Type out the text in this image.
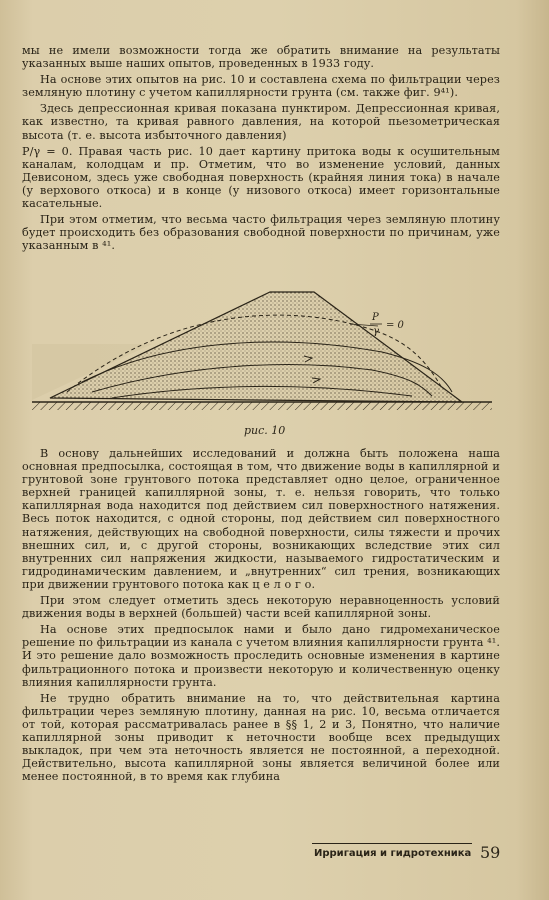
мы не имели возможности тогда же обратить внимание на результаты указанных выше наших опытов, проведенных в 1933 году.

На основе этих опытов на рис. 10 и составлена схема по фильтрации через земляную плотину с учетом капиллярности грунта (см. также фиг. 9⁴¹).

Здесь депрессионная кривая показана пунктиром. Депрессионная кривая, как известно, та кривая равного давления, на которой пьезометрическая высота (т. е. высота избыточного давления)

P/γ = 0. Правая часть рис. 10 дает картину притока воды к осушительным каналам, колодцам и пр. Отметим, что во изменение условий, данных Девисоном, здесь уже свободная поверхность (крайняя линия тока) в начале (у верхового откоса) и в конце (у низового откоса) имеет горизонтальные касательные.

При этом отметим, что весьма часто фильтрация через земляную плотину будет происходить без образования свободной поверхности по причинам, уже указанным в ⁴¹.

P
γ
= 0
рис. 10

В основу дальнейших исследований и должна быть положена наша основная предпосылка, состоящая в том, что движение воды в капиллярной и грунтовой зоне грунтового потока представляет одно целое, ограниченное верхней границей капиллярной зоны, т. е. нельзя говорить, что только капиллярная вода находится под действием сил поверхностного натяжения. Весь поток находится, с одной стороны, под действием сил поверхностного натяжения, действующих на свободной поверхности, силы тяжести и прочих внешних сил, и, с другой стороны, возникающих вследствие этих сил внутренних сил напряжения жидкости, называемого гидростатическим и гидродинамическим давлением, и „внутренних“ сил трения, возникающих при движении грунтового потока как ц е л о г о.

При этом следует отметить здесь некоторую неравноценность условий движения воды в верхней (большей) части всей капиллярной зоны.

На основе этих предпосылок нами и было дано гидромеханическое решение по фильтрации из канала с учетом влияния капиллярности грунта ⁴¹. И это решение дало возможность проследить основные изменения в картине фильтрационного потока и произвести некоторую и количественную оценку влияния капиллярности грунта.

Не трудно обратить внимание на то, что действительная картина фильтрации через земляную плотину, данная на рис. 10, весьма отличается от той, которая рассматривалась ранее в §§ 1, 2 и 3, Понятно, что наличие капиллярной зоны приводит к неточности вообще всех предыдущих выкладок, при чем эта неточность является не постоянной, а переходной. Действительно, высота капиллярной зоны является величиной более или менее постоянной, в то время как глубина

Ирригация и гидротехника 59
